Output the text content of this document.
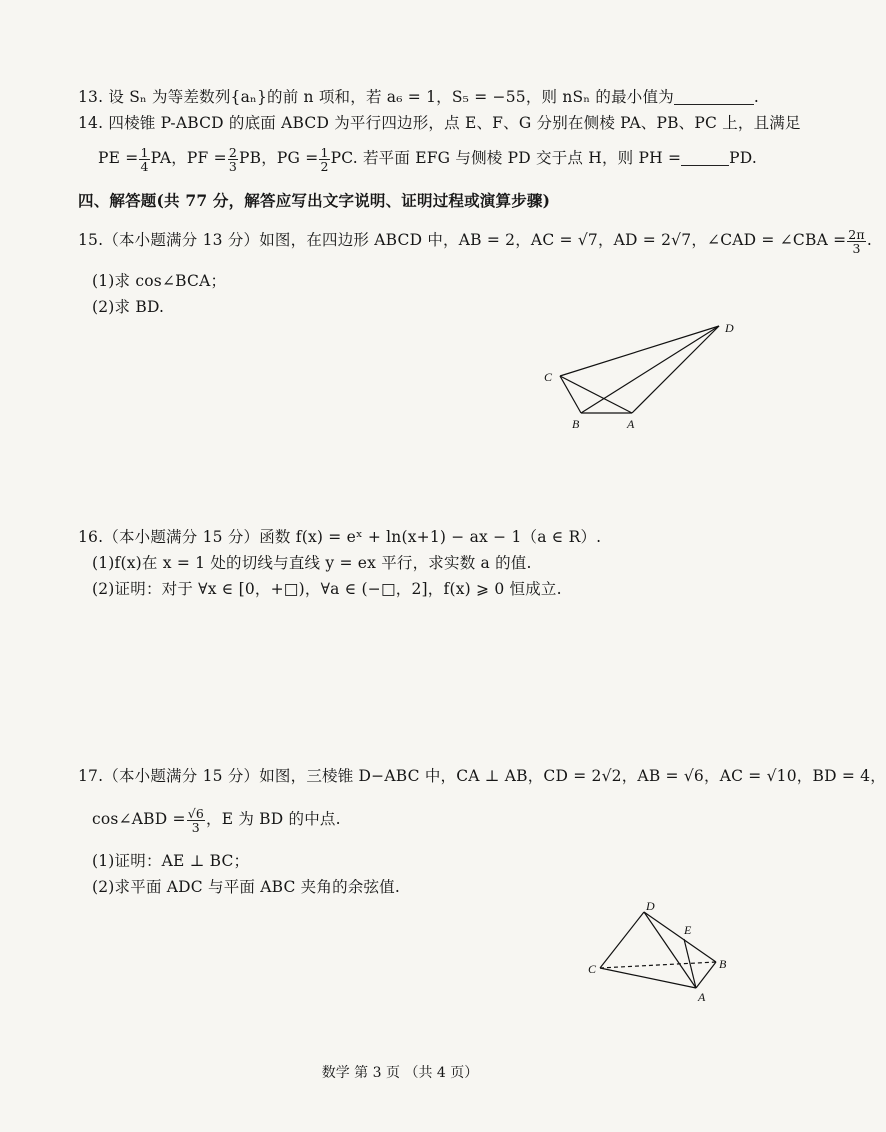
13. 设 Sₙ 为等差数列{aₙ}的前 n 项和，若 a₆ = 1，S₅ = −55，则 nSₙ 的最小值为	.
14. 四棱锥 P-ABCD 的底面 ABCD 为平行四边形，点 E、F、G 分别在侧棱 PA、PB、PC 上，且满足
PE = $\frac{1}{4}$ PA，PF = $\frac{2}{3}$ PB，PG = $\frac{1}{2}$ PC. 若平面 EFG 与侧棱 PD 交于点 H，则 PH =	PD.
四、解答题(共 77 分，解答应写出文字说明、证明过程或演算步骤)
15.（本小题满分 13 分）如图，在四边形 ABCD 中，AB = 2，AC = √7，AD = 2√7，∠CAD = ∠CBA = $\frac{2\pi}{3}$ .
(1)求 cos∠BCA；
(2)求 BD.
C
B	A
D
16.（本小题满分 15 分）函数 f(x) = eˣ + ln(x+1) − ax − 1（a ∈ R）.
(1)f(x)在 x = 1 处的切线与直线 y = ex 平行，求实数 a 的值.
(2)证明：对于 ∀x ∈ [0，+□)，∀a ∈ (−□，2]，f(x) ⩾ 0 恒成立.
17.（本小题满分 15 分）如图，三棱锥 D−ABC 中，CA ⊥ AB，CD = 2√2，AB = √6，AC = √10，BD = 4，
cos∠ABD = $\frac{√6}{3}$ ，E 为 BD 的中点.
(1)证明：AE ⊥ BC；
(2)求平面 ADC 与平面 ABC 夹角的余弦值.
D
E
B
C
A
数学 第 3 页 （共 4 页）
